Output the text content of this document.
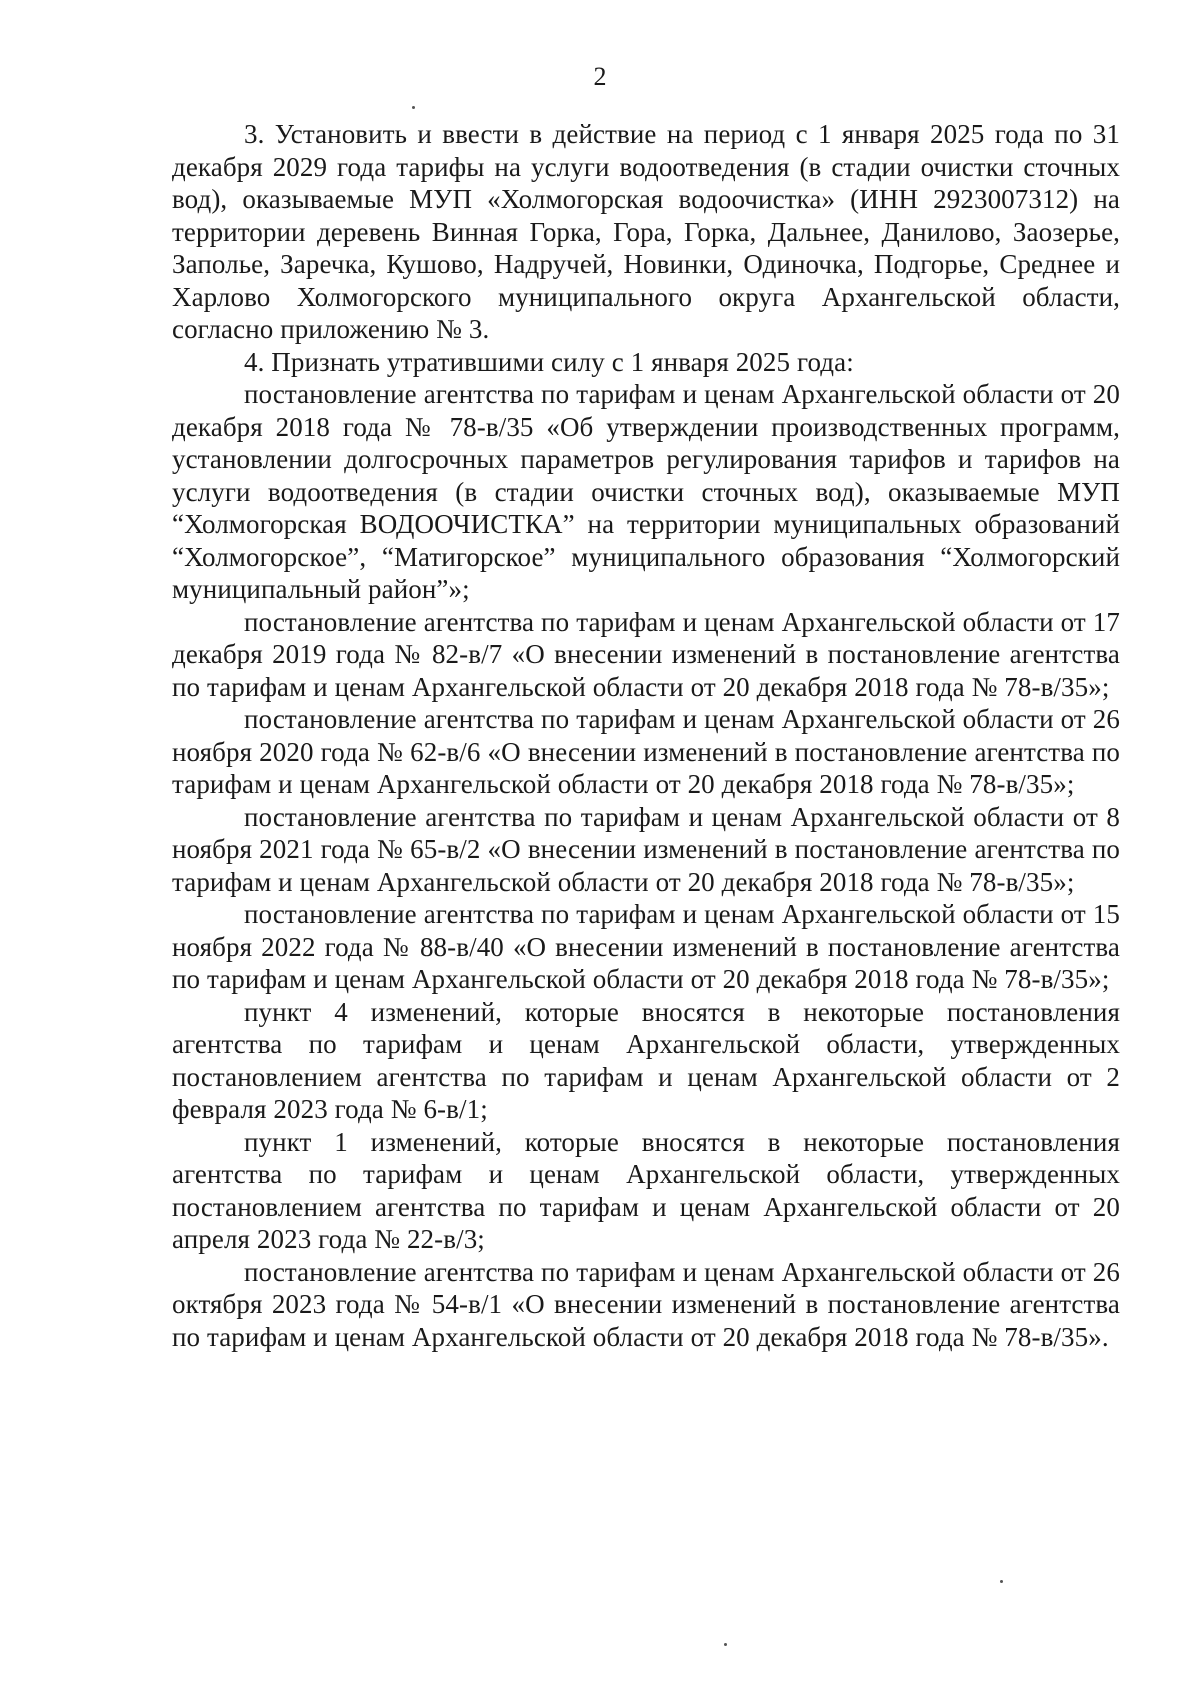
2

3. Установить и ввести в действие на период с 1 января 2025 года по 31 декабря 2029 года тарифы на услуги водоотведения (в стадии очистки сточных вод), оказываемые МУП «Холмогорская водоочистка» (ИНН 2923007312) на территории деревень Винная Горка, Гора, Горка, Дальнее, Данилово, Заозерье, Заполье, Заречка, Кушово, Надручей, Новинки, Одиночка, Подгорье, Среднее и Харлово Холмогорского муниципального округа Архангельской области, согласно приложению № 3.

4. Признать утратившими силу с 1 января 2025 года:

постановление агентства по тарифам и ценам Архангельской области от 20 декабря 2018 года № 78-в/35 «Об утверждении производственных программ, установлении долгосрочных параметров регулирования тарифов и тарифов на услуги водоотведения (в стадии очистки сточных вод), оказываемые МУП “Холмогорская ВОДООЧИСТКА” на территории муниципальных образований “Холмогорское”, “Матигорское” муниципального образования “Холмогорский муниципальный район”»;

постановление агентства по тарифам и ценам Архангельской области от 17 декабря 2019 года № 82-в/7 «О внесении изменений в постановление агентства по тарифам и ценам Архангельской области от 20 декабря 2018 года № 78-в/35»;

постановление агентства по тарифам и ценам Архангельской области от 26 ноября 2020 года № 62-в/6 «О внесении изменений в постановление агентства по тарифам и ценам Архангельской области от 20 декабря 2018 года № 78-в/35»;

постановление агентства по тарифам и ценам Архангельской области от 8 ноября 2021 года № 65-в/2 «О внесении изменений в постановление агентства по тарифам и ценам Архангельской области от 20 декабря 2018 года № 78-в/35»;

постановление агентства по тарифам и ценам Архангельской области от 15 ноября 2022 года № 88-в/40 «О внесении изменений в постановление агентства по тарифам и ценам Архангельской области от 20 декабря 2018 года № 78-в/35»;

пункт 4 изменений, которые вносятся в некоторые постановления агентства по тарифам и ценам Архангельской области, утвержденных постановлением агентства по тарифам и ценам Архангельской области от 2 февраля 2023 года № 6-в/1;

пункт 1 изменений, которые вносятся в некоторые постановления агентства по тарифам и ценам Архангельской области, утвержденных постановлением агентства по тарифам и ценам Архангельской области от 20 апреля 2023 года № 22-в/3;

постановление агентства по тарифам и ценам Архангельской области от 26 октября 2023 года № 54-в/1 «О внесении изменений в постановление агентства по тарифам и ценам Архангельской области от 20 декабря 2018 года № 78-в/35».
